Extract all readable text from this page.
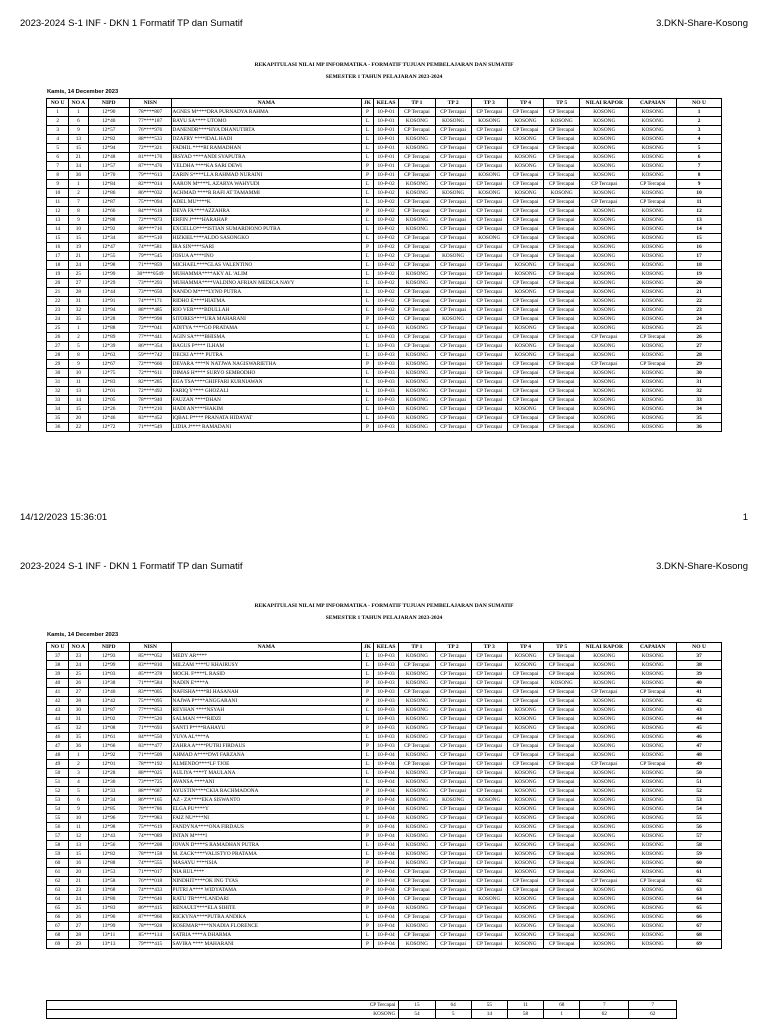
2023-2024 S-1 INF - DKN 1 Formatif TP dan Sumatif	3.DKN-Share-Kosong
REKAPITULASI NILAI MP INFORMATIKA - FORMATIF TUJUAN PEMBELAJARAN DAN SUMATIF
SEMESTER 1 TAHUN PELAJARAN 2023-2024
Kamis, 14 December 2023
NO U	NO A	NIPD	NISN	NAMA	JK	KELAS	TP 1	TP 2	TP 3	TP 4	TP 5	NILAI RAPOR	CAPAIAN	NO U
1	1	12*90	78****807	AGNES M****DRA PURNADYA RAHMA	P	10-P-01	CP Tercapai	CP Tercapai	CP Tercapai	CP Tercapai	CP Tercapai	KOSONG	KOSONG	1
2	6	12*40	77****187	BAYU SA**** UTOMO	L	10-P-01	KOSONG	KOSONG	KOSONG	KOSONG	KOSONG	KOSONG	KOSONG	2
3	9	12*57	76****976	DANENDR****HYA DHANUTIRTA	L	10-P-01	CP Tercapai	CP Tercapai	CP Tercapai	CP Tercapai	CP Tercapai	KOSONG	KOSONG	3
4	13	12*82	88****533	DZAFRY ****IDAL HADI	L	10-P-01	KOSONG	CP Tercapai	CP Tercapai	KOSONG	CP Tercapai	KOSONG	KOSONG	4
5	15	12*94	72****321	FADHIL ****RI RAMADHAN	L	10-P-01	KOSONG	CP Tercapai	CP Tercapai	CP Tercapai	CP Tercapai	KOSONG	KOSONG	5
6	21	12*48	81****176	IRSYAD ****ANDI SYAPUTRA	L	10-P-01	CP Tercapai	CP Tercapai	CP Tercapai	KOSONG	CP Tercapai	KOSONG	KOSONG	6
7	34	13*57	87****476	YELDHA ****KA SARI DEWI	P	10-P-01	CP Tercapai	CP Tercapai	CP Tercapai	KOSONG	CP Tercapai	KOSONG	KOSONG	7
8	36	13*70	79****613	ZARIN S****LLA RAHMAD NURAINI	P	10-P-01	CP Tercapai	CP Tercapai	KOSONG	CP Tercapai	CP Tercapai	KOSONG	KOSONG	8
9	1	12*84	82****014	AARON M****L AZARYA WAHYUDI	L	10-P-02	KOSONG	CP Tercapai	CP Tercapai	CP Tercapai	CP Tercapai	CP Tercapai	CP Tercapai	9
10	2	12*86	86****032	ACHMAD ****R RAFI AT TAMAMMI	L	10-P-02	KOSONG	KOSONG	KOSONG	KOSONG	KOSONG	KOSONG	KOSONG	10
11	7	12*87	75****094	ADEL MU****K	L	10-P-02	CP Tercapai	CP Tercapai	CP Tercapai	CP Tercapai	CP Tercapai	CP Tercapai	CP Tercapai	11
12	8	12*66	84****618	DEVA FA****AZZAHRA	P	10-P-02	CP Tercapai	CP Tercapai	CP Tercapai	CP Tercapai	CP Tercapai	KOSONG	KOSONG	12
13	9	12*88	72****873	ERFIN J****HARAHAP	L	10-P-02	KOSONG	CP Tercapai	CP Tercapai	CP Tercapai	CP Tercapai	KOSONG	KOSONG	13
14	10	12*92	86****716	EXCELLO****ISTIAN SUMARDIONO PUTRA	L	10-P-02	KOSONG	CP Tercapai	CP Tercapai	CP Tercapai	CP Tercapai	KOSONG	KOSONG	14
15	15	12*34	85****510	HIZKIEL****ALDO SASONGKO	L	10-P-02	CP Tercapai	CP Tercapai	KOSONG	CP Tercapai	CP Tercapai	KOSONG	KOSONG	15
16	19	12*47	74****581	IRA SIN****SARI	P	10-P-02	CP Tercapai	CP Tercapai	CP Tercapai	CP Tercapai	CP Tercapai	KOSONG	KOSONG	16
17	21	12*55	79****545	JOSUA A****INO	L	10-P-02	CP Tercapai	KOSONG	CP Tercapai	CP Tercapai	CP Tercapai	KOSONG	KOSONG	17
18	24	12*98	71****859	MICHAEL****GLAS VALENTINO	L	10-P-02	CP Tercapai	CP Tercapai	CP Tercapai	KOSONG	CP Tercapai	KOSONG	KOSONG	18
19	25	12*99	30****0549	MUHAMMA****AKY AL 'ALIM	L	10-P-02	KOSONG	CP Tercapai	CP Tercapai	KOSONG	CP Tercapai	KOSONG	KOSONG	19
20	27	13*29	73****293	MUHAMMA****VALDINO AFRIAN MEDICA NAVY	L	10-P-02	KOSONG	CP Tercapai	CP Tercapai	CP Tercapai	CP Tercapai	KOSONG	KOSONG	20
21	28	13*44	73****650	NANDO M****LYNO PUTRA	L	10-P-02	CP Tercapai	CP Tercapai	CP Tercapai	KOSONG	CP Tercapai	KOSONG	KOSONG	21
22	31	13*91	74****171	RIDHO E****HIATMA	L	10-P-02	CP Tercapai	CP Tercapai	CP Tercapai	CP Tercapai	CP Tercapai	KOSONG	KOSONG	22
23	32	13*94	88****485	RIO VER****BDULLAH	L	10-P-02	CP Tercapai	CP Tercapai	CP Tercapai	CP Tercapai	CP Tercapai	KOSONG	KOSONG	23
24	35	13*28	79****998	SITORES****URA MAHARANI	P	10-P-02	CP Tercapai	KOSONG	CP Tercapai	CP Tercapai	CP Tercapai	KOSONG	KOSONG	24
25	1	12*88	72****041	ADITYA ****GO PRATAMA	L	10-P-03	KOSONG	CP Tercapai	CP Tercapai	KOSONG	CP Tercapai	KOSONG	KOSONG	25
26	2	12*89	77****441	AGIN SA****BHISMA	L	10-P-03	CP Tercapai	CP Tercapai	CP Tercapai	CP Tercapai	CP Tercapai	CP Tercapai	CP Tercapai	26
27	5	12*39	86****354	BAGUS P**** ILHAM	L	10-P-03	CP Tercapai	CP Tercapai	CP Tercapai	KOSONG	CP Tercapai	KOSONG	KOSONG	27
28	8	12*63	59****742	DECKI A**** PUTRA	L	10-P-03	KOSONG	CP Tercapai	CP Tercapai	KOSONG	CP Tercapai	KOSONG	KOSONG	28
29	9	12*67	72****666	DEVARA ****N NATJWA NAGISWARIETHA	P	10-P-03	KOSONG	CP Tercapai	CP Tercapai	CP Tercapai	CP Tercapai	CP Tercapai	CP Tercapai	29
30	10	12*75	72****611	DIMAS H**** SURYO SEMBODHO	L	10-P-03	KOSONG	CP Tercapai	CP Tercapai	CP Tercapai	CP Tercapai	KOSONG	KOSONG	30
31	11	12*83	82****285	EGA TSA****GHIFFARI KURNIAWAN	L	10-P-03	KOSONG	CP Tercapai	CP Tercapai	CP Tercapai	CP Tercapai	KOSONG	KOSONG	31
32	13	12*01	72****492	FARIQ Y**** GHOZALI	L	10-P-03	KOSONG	CP Tercapai	CP Tercapai	CP Tercapai	CP Tercapai	KOSONG	KOSONG	32
33	14	12*05	78****940	FAUZAN ****DHAN	L	10-P-03	KOSONG	CP Tercapai	CP Tercapai	CP Tercapai	CP Tercapai	KOSONG	KOSONG	33
34	15	12*26	71****210	HADI AN****HAKIM	L	10-P-03	KOSONG	CP Tercapai	CP Tercapai	KOSONG	CP Tercapai	KOSONG	KOSONG	34
35	20	12*46	83****452	IQBAL P**** PRANATA HIDAYAT	L	10-P-03	KOSONG	CP Tercapai	CP Tercapai	CP Tercapai	CP Tercapai	KOSONG	KOSONG	35
36	22	12*72	71****549	LIDIA J**** RAMADANI	P	10-P-03	KOSONG	CP Tercapai	CP Tercapai	CP Tercapai	CP Tercapai	KOSONG	KOSONG	36
14/12/2023 15:36:01	1
2023-2024 S-1 INF - DKN 1 Formatif TP dan Sumatif	3.DKN-Share-Kosong
REKAPITULASI NILAI MP INFORMATIKA - FORMATIF TUJUAN PEMBELAJARAN DAN SUMATIF
SEMESTER 1 TAHUN PELAJARAN 2023-2024
Kamis, 14 December 2023
NO U	NO A	NIPD	NISN	NAMA	JK	KELAS	TP 1	TP 2	TP 3	TP 4	TP 5	NILAI RAPOR	CAPAIAN	NO U
37	23	12*93	85****052	MEDY AR****	L	10-P-03	KOSONG	CP Tercapai	CP Tercapai	KOSONG	CP Tercapai	KOSONG	KOSONG	37
38	24	12*99	83****810	MILZAM ****U KHAIRUSY	L	10-P-03	CP Tercapai	CP Tercapai	CP Tercapai	KOSONG	CP Tercapai	KOSONG	KOSONG	38
39	25	13*03	85****378	MOCH. F****L RASID	L	10-P-03	KOSONG	CP Tercapai	CP Tercapai	CP Tercapai	CP Tercapai	KOSONG	KOSONG	39
40	26	13*38	71****584	NADIN E****A	P	10-P-03	KOSONG	CP Tercapai	CP Tercapai	CP Tercapai	KOSONG	KOSONG	KOSONG	40
41	27	13*40	83****005	NAFISHA****RI HASANAH	P	10-P-03	CP Tercapai	CP Tercapai	CP Tercapai	CP Tercapai	CP Tercapai	CP Tercapai	CP Tercapai	41
42	28	13*42	75****095	NAJWA P****ANGGARANI	P	10-P-03	KOSONG	CP Tercapai	CP Tercapai	CP Tercapai	CP Tercapai	KOSONG	KOSONG	42
43	30	13*87	77****853	REYHAN ****NSYAH	L	10-P-03	KOSONG	CP Tercapai	CP Tercapai	KOSONG	CP Tercapai	KOSONG	KOSONG	43
44	31	13*02	77****520	SALMAN ****RIDZI	L	10-P-03	KOSONG	CP Tercapai	CP Tercapai	KOSONG	CP Tercapai	KOSONG	KOSONG	44
45	32	13*08	71****693	SANTI P****RAHAYU	P	10-P-03	KOSONG	CP Tercapai	CP Tercapai	KOSONG	CP Tercapai	KOSONG	KOSONG	45
46	35	13*61	84****550	YUVA AL****A	L	10-P-03	KOSONG	CP Tercapai	CP Tercapai	CP Tercapai	CP Tercapai	KOSONG	KOSONG	46
47	36	13*66	83****477	ZAHRA A****PUTRI FIRDAUS	P	10-P-03	CP Tercapai	CP Tercapai	CP Tercapai	CP Tercapai	CP Tercapai	KOSONG	KOSONG	47
48	1	12*92	71****509	AHMAD A****DWI FARZANA	L	10-P-04	KOSONG	CP Tercapai	CP Tercapai	CP Tercapai	CP Tercapai	KOSONG	KOSONG	48
49	2	12*01	78****192	ALMENDO****LF TJOE	L	10-P-04	CP Tercapai	CP Tercapai	CP Tercapai	CP Tercapai	CP Tercapai	CP Tercapai	CP Tercapai	49
50	3	12*28	88****025	AULIYA ****T MAULANA	L	10-P-04	KOSONG	CP Tercapai	CP Tercapai	KOSONG	CP Tercapai	KOSONG	KOSONG	50
51	4	12*30	73****725	AVANSA ****ANI	L	10-P-04	KOSONG	CP Tercapai	CP Tercapai	KOSONG	CP Tercapai	KOSONG	KOSONG	51
52	5	12*33	88****687	AYUSTIN****CKIA RACHMADONA	P	10-P-04	KOSONG	CP Tercapai	CP Tercapai	KOSONG	CP Tercapai	KOSONG	KOSONG	52
53	6	12*34	86****165	AZ - ZA****EKA SISWANTO	P	10-P-04	KOSONG	KOSONG	KOSONG	KOSONG	CP Tercapai	KOSONG	KOSONG	53
54	9	12*85	78****786	ELGA PU****Y	P	10-P-04	KOSONG	CP Tercapai	CP Tercapai	KOSONG	CP Tercapai	KOSONG	KOSONG	54
55	10	12*96	72****983	FAIZ NU****NI	L	10-P-04	KOSONG	CP Tercapai	CP Tercapai	KOSONG	CP Tercapai	KOSONG	KOSONG	55
56	11	12*98	75****619	FANDYNA****ONA FIRDAUS	P	10-P-04	KOSONG	CP Tercapai	CP Tercapai	KOSONG	CP Tercapai	KOSONG	KOSONG	56
57	12	12*43	74****089	INTAN M****I	P	10-P-04	KOSONG	CP Tercapai	CP Tercapai	KOSONG	CP Tercapai	KOSONG	KOSONG	57
58	13	12*56	76****208	JOVAN D****S RAMADHAN PUTRA	L	10-P-04	KOSONG	CP Tercapai	CP Tercapai	KOSONG	CP Tercapai	KOSONG	KOSONG	58
59	15	12*82	78****158	M. ZACK****VALISTYO PRATAMA	L	10-P-04	KOSONG	CP Tercapai	CP Tercapai	KOSONG	CP Tercapai	KOSONG	KOSONG	59
60	16	12*88	74****555	MASAYU ****ISIA	P	10-P-04	KOSONG	CP Tercapai	CP Tercapai	KOSONG	CP Tercapai	KOSONG	KOSONG	60
61	20	13*53	71****017	NIA RUL****	P	10-P-04	CP Tercapai	CP Tercapai	CP Tercapai	KOSONG	CP Tercapai	KOSONG	KOSONG	61
62	21	13*58	76****018	NINDHIT****OK ING TYAS	P	10-P-04	CP Tercapai	CP Tercapai	CP Tercapai	CP Tercapai	CP Tercapai	CP Tercapai	CP Tercapai	62
63	23	13*68	74****433	PUTRI A**** WIDYATAMA	P	10-P-04	CP Tercapai	CP Tercapai	CP Tercapai	CP Tercapai	CP Tercapai	KOSONG	KOSONG	63
64	24	13*80	72****646	RATU TR****LANDARI	P	10-P-04	CP Tercapai	CP Tercapai	KOSONG	KOSONG	CP Tercapai	KOSONG	KOSONG	64
65	25	13*83	86****415	RENAULT****ELA SIHITE	P	10-P-04	KOSONG	CP Tercapai	CP Tercapai	KOSONG	CP Tercapai	KOSONG	KOSONG	65
66	26	13*90	87****966	RICKYNA****PUTRA ANDIKA	L	10-P-04	CP Tercapai	CP Tercapai	CP Tercapai	KOSONG	CP Tercapai	KOSONG	KOSONG	66
67	27	13*99	78****928	ROSEMAR****NNADIA FLORENCE	P	10-P-04	KOSONG	CP Tercapai	CP Tercapai	KOSONG	CP Tercapai	KOSONG	KOSONG	67
68	28	13*11	85****114	SATRIA ****A DHARMA	L	10-P-04	CP Tercapai	CP Tercapai	CP Tercapai	KOSONG	CP Tercapai	KOSONG	KOSONG	68
69	29	13*13	79****415	SAVIRA **** MAHARANI	P	10-P-04	KOSONG	CP Tercapai	CP Tercapai	KOSONG	CP Tercapai	KOSONG	KOSONG	69
CP Tercapai	15	64	55	11	68	7	7	
KOSONG	54	5	14	58	1	62	62	
